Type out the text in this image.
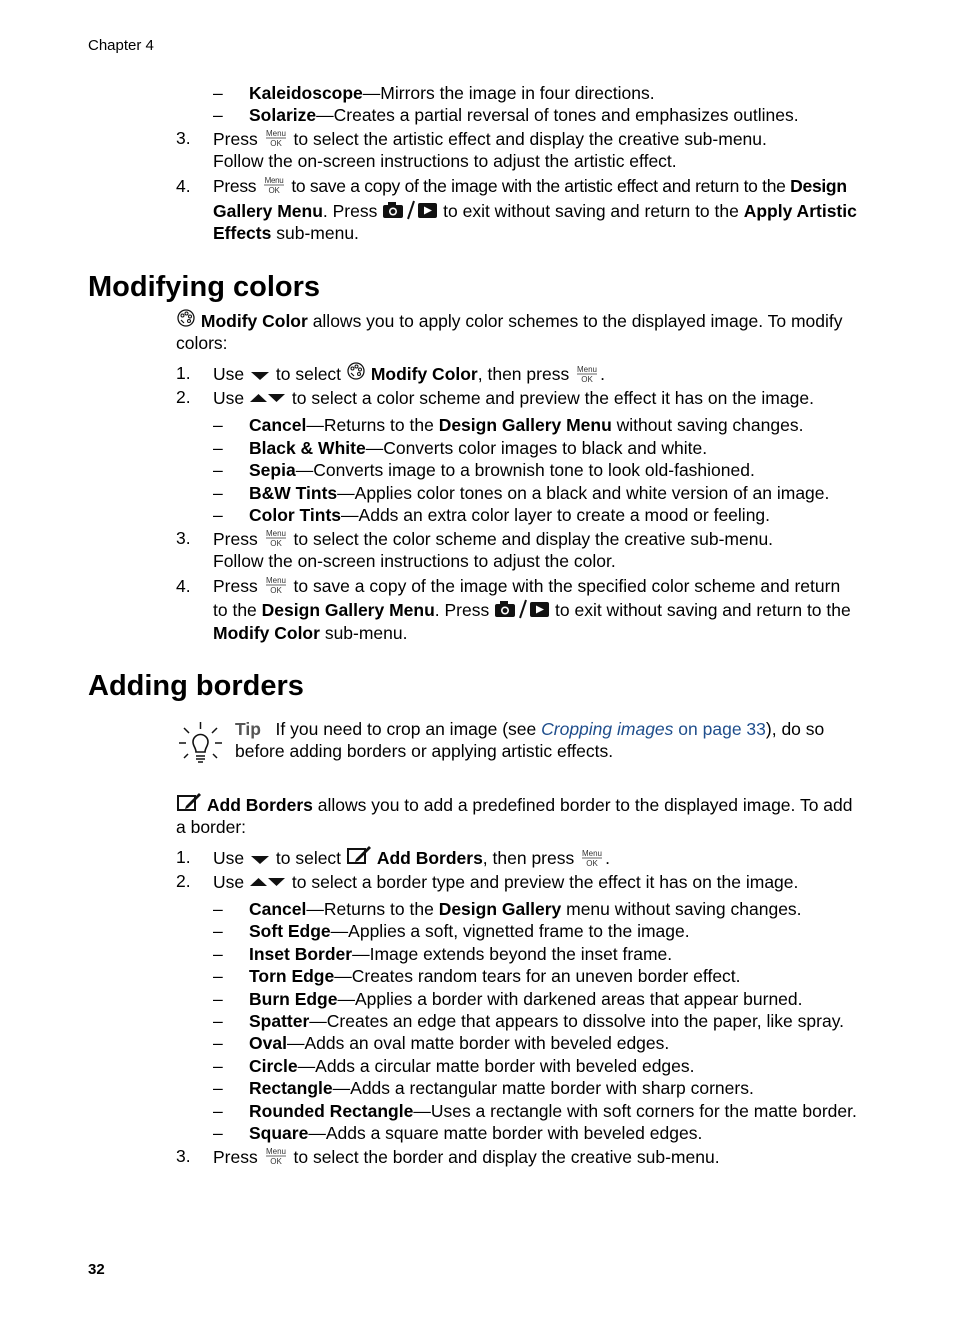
Chapter 4
– Kaleidoscope—Mirrors the image in four directions.
– Solarize—Creates a partial reversal of tones and emphasizes outlines.
3. Press Menu
OK to select the artistic effect and display the creative sub-menu.
Follow the on-screen instructions to adjust the artistic effect.
4. Press Menu
OK to save a copy of the image with the artistic effect and return to the Design
Gallery Menu. Press	to exit without saving and return to the Apply Artistic
Effects sub-menu.
Modifying colors
Modify Color allows you to apply color schemes to the displayed image. To modify
colors:
1. Use to select Modify Color, then press Menu
OK .
2. Use	to select a color scheme and preview the effect it has on the image.
– Cancel—Returns to the Design Gallery Menu without saving changes.
– Black & White—Converts color images to black and white.
– Sepia—Converts image to a brownish tone to look old-fashioned.
– B&W Tints—Applies color tones on a black and white version of an image.
– Color Tints—Adds an extra color layer to create a mood or feeling.
3. Press Menu
OK to select the color scheme and display the creative sub-menu.
Follow the on-screen instructions to adjust the color.
4. Press Menu
OK to save a copy of the image with the specified color scheme and return
to the Design Gallery Menu. Press	to exit without saving and return to the
Modify Color sub-menu.
Adding borders
Tip If you need to crop an image (see Cropping images on page 33), do so
before adding borders or applying artistic effects.
Add Borders allows you to add a predefined border to the displayed image. To add
a border:
1. Use to select Add Borders, then press Menu
OK .
2. Use	to select a border type and preview the effect it has on the image.
– Cancel—Returns to the Design Gallery menu without saving changes.
– Soft Edge—Applies a soft, vignetted frame to the image.
– Inset Border—Image extends beyond the inset frame.
– Torn Edge—Creates random tears for an uneven border effect.
– Burn Edge—Applies a border with darkened areas that appear burned.
– Spatter—Creates an edge that appears to dissolve into the paper, like spray.
– Oval—Adds an oval matte border with beveled edges.
– Circle—Adds a circular matte border with beveled edges.
– Rectangle—Adds a rectangular matte border with sharp corners.
– Rounded Rectangle—Uses a rectangle with soft corners for the matte border.
– Square—Adds a square matte border with beveled edges.
3. Press Menu
OK to select the border and display the creative sub-menu.
32
